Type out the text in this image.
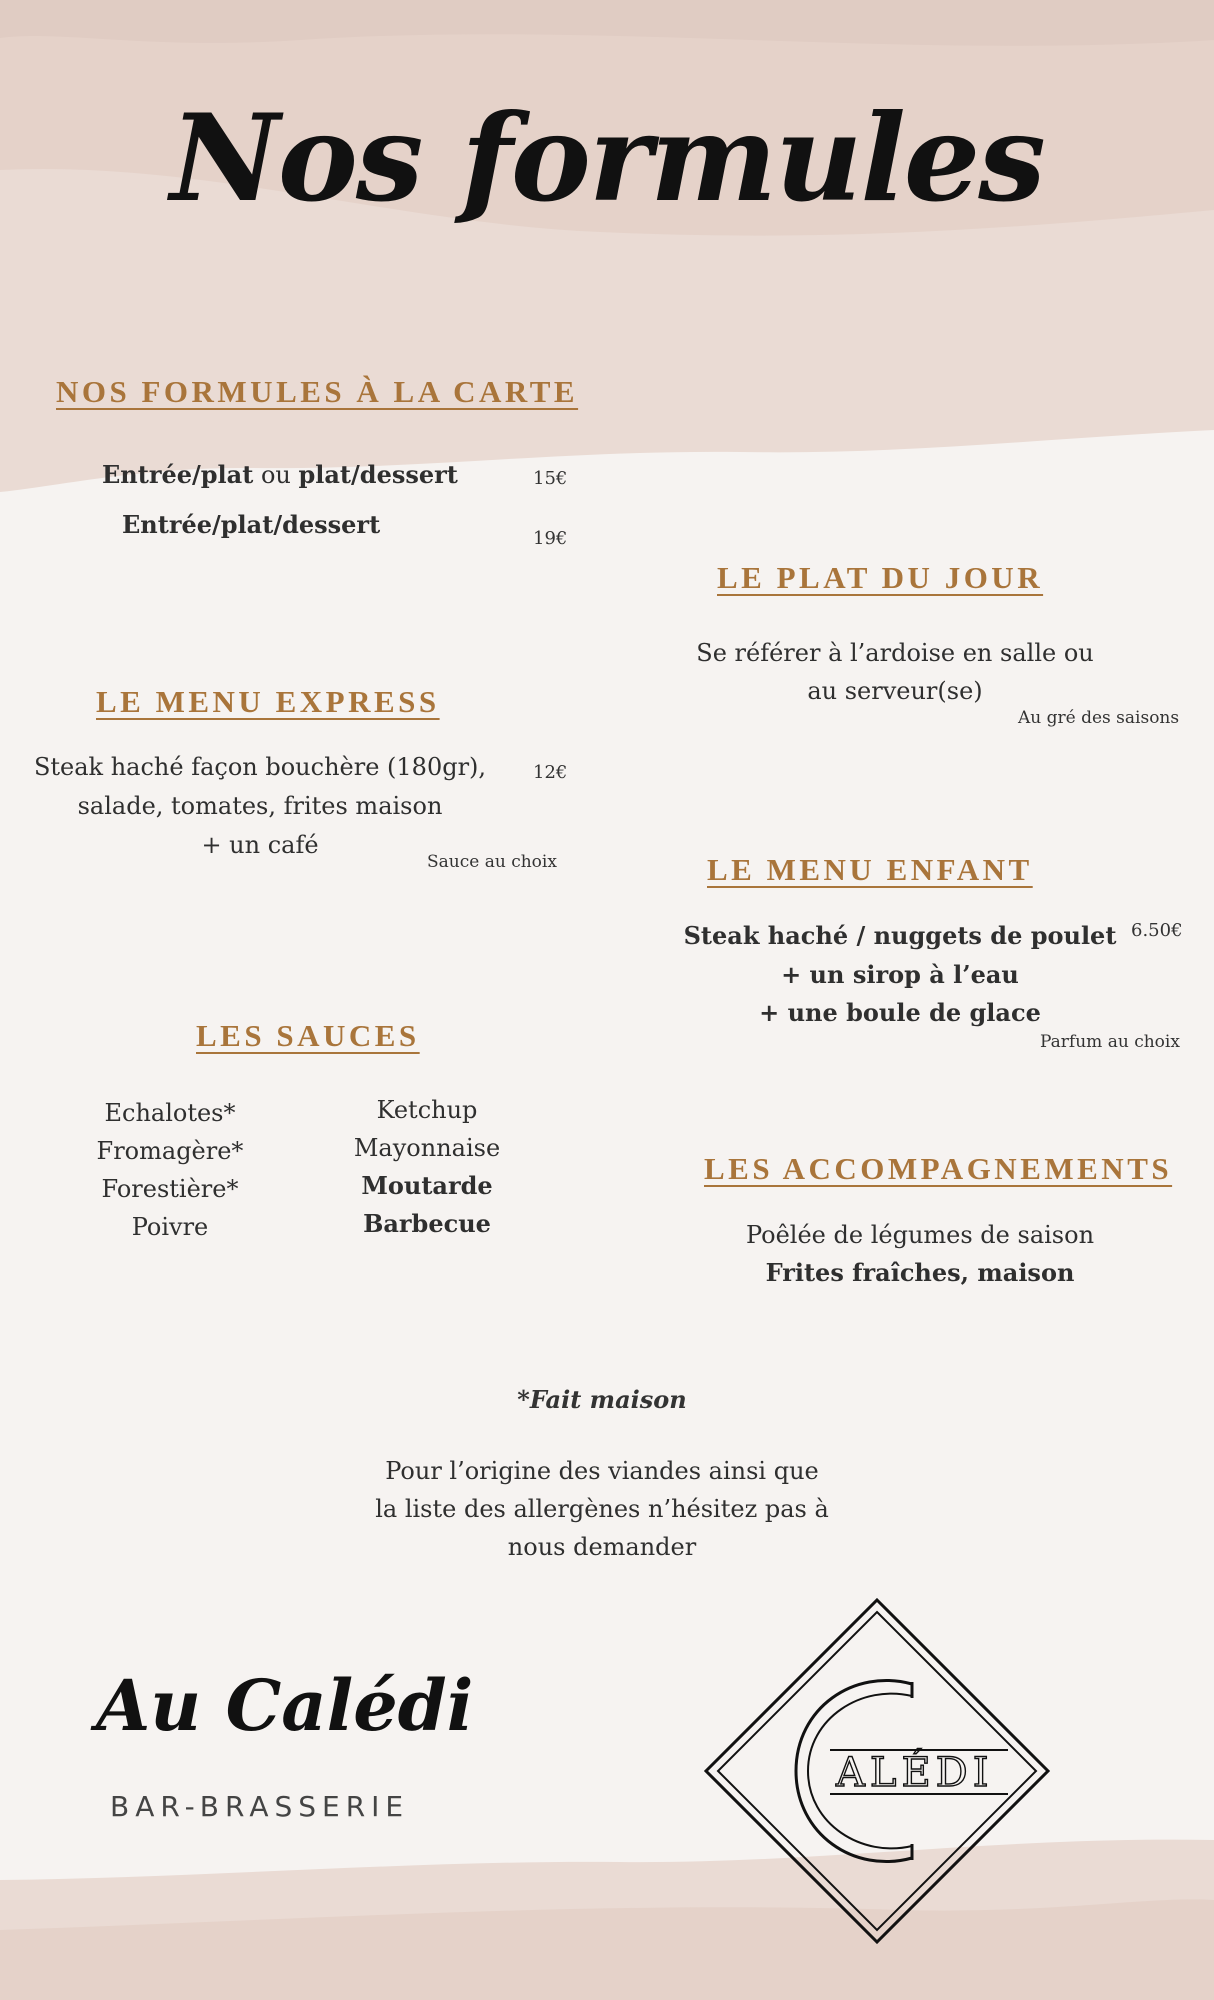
Nos formules
NOS FORMULES À LA CARTE
Entrée/plat ou plat/dessert	15€
Entrée/plat/dessert	19€
LE PLAT DU JOUR
Se référer à l’ardoise en salle ou
au serveur(se)
Au gré des saisons
LE MENU EXPRESS
Steak haché façon bouchère (180gr),
salade, tomates, frites maison
+ un café
12€
Sauce au choix	LE MENU ENFANT
Steak haché / nuggets de poulet
+ un sirop à l’eau
+ une boule de glace
6.50€
Parfum au choix
LES SAUCES
Echalotes*
Fromagère*
Forestière*
Poivre
Ketchup
Mayonnaise
Moutarde
Barbecue
LES ACCOMPAGNEMENTS
Poêlée de légumes de saison
Frites fraîches, maison
*Fait maison
Pour l’origine des viandes ainsi que
la liste des allergènes n’hésitez pas à
nous demander
Au Calédi
BAR-BRASSERIE
ALÉDI
